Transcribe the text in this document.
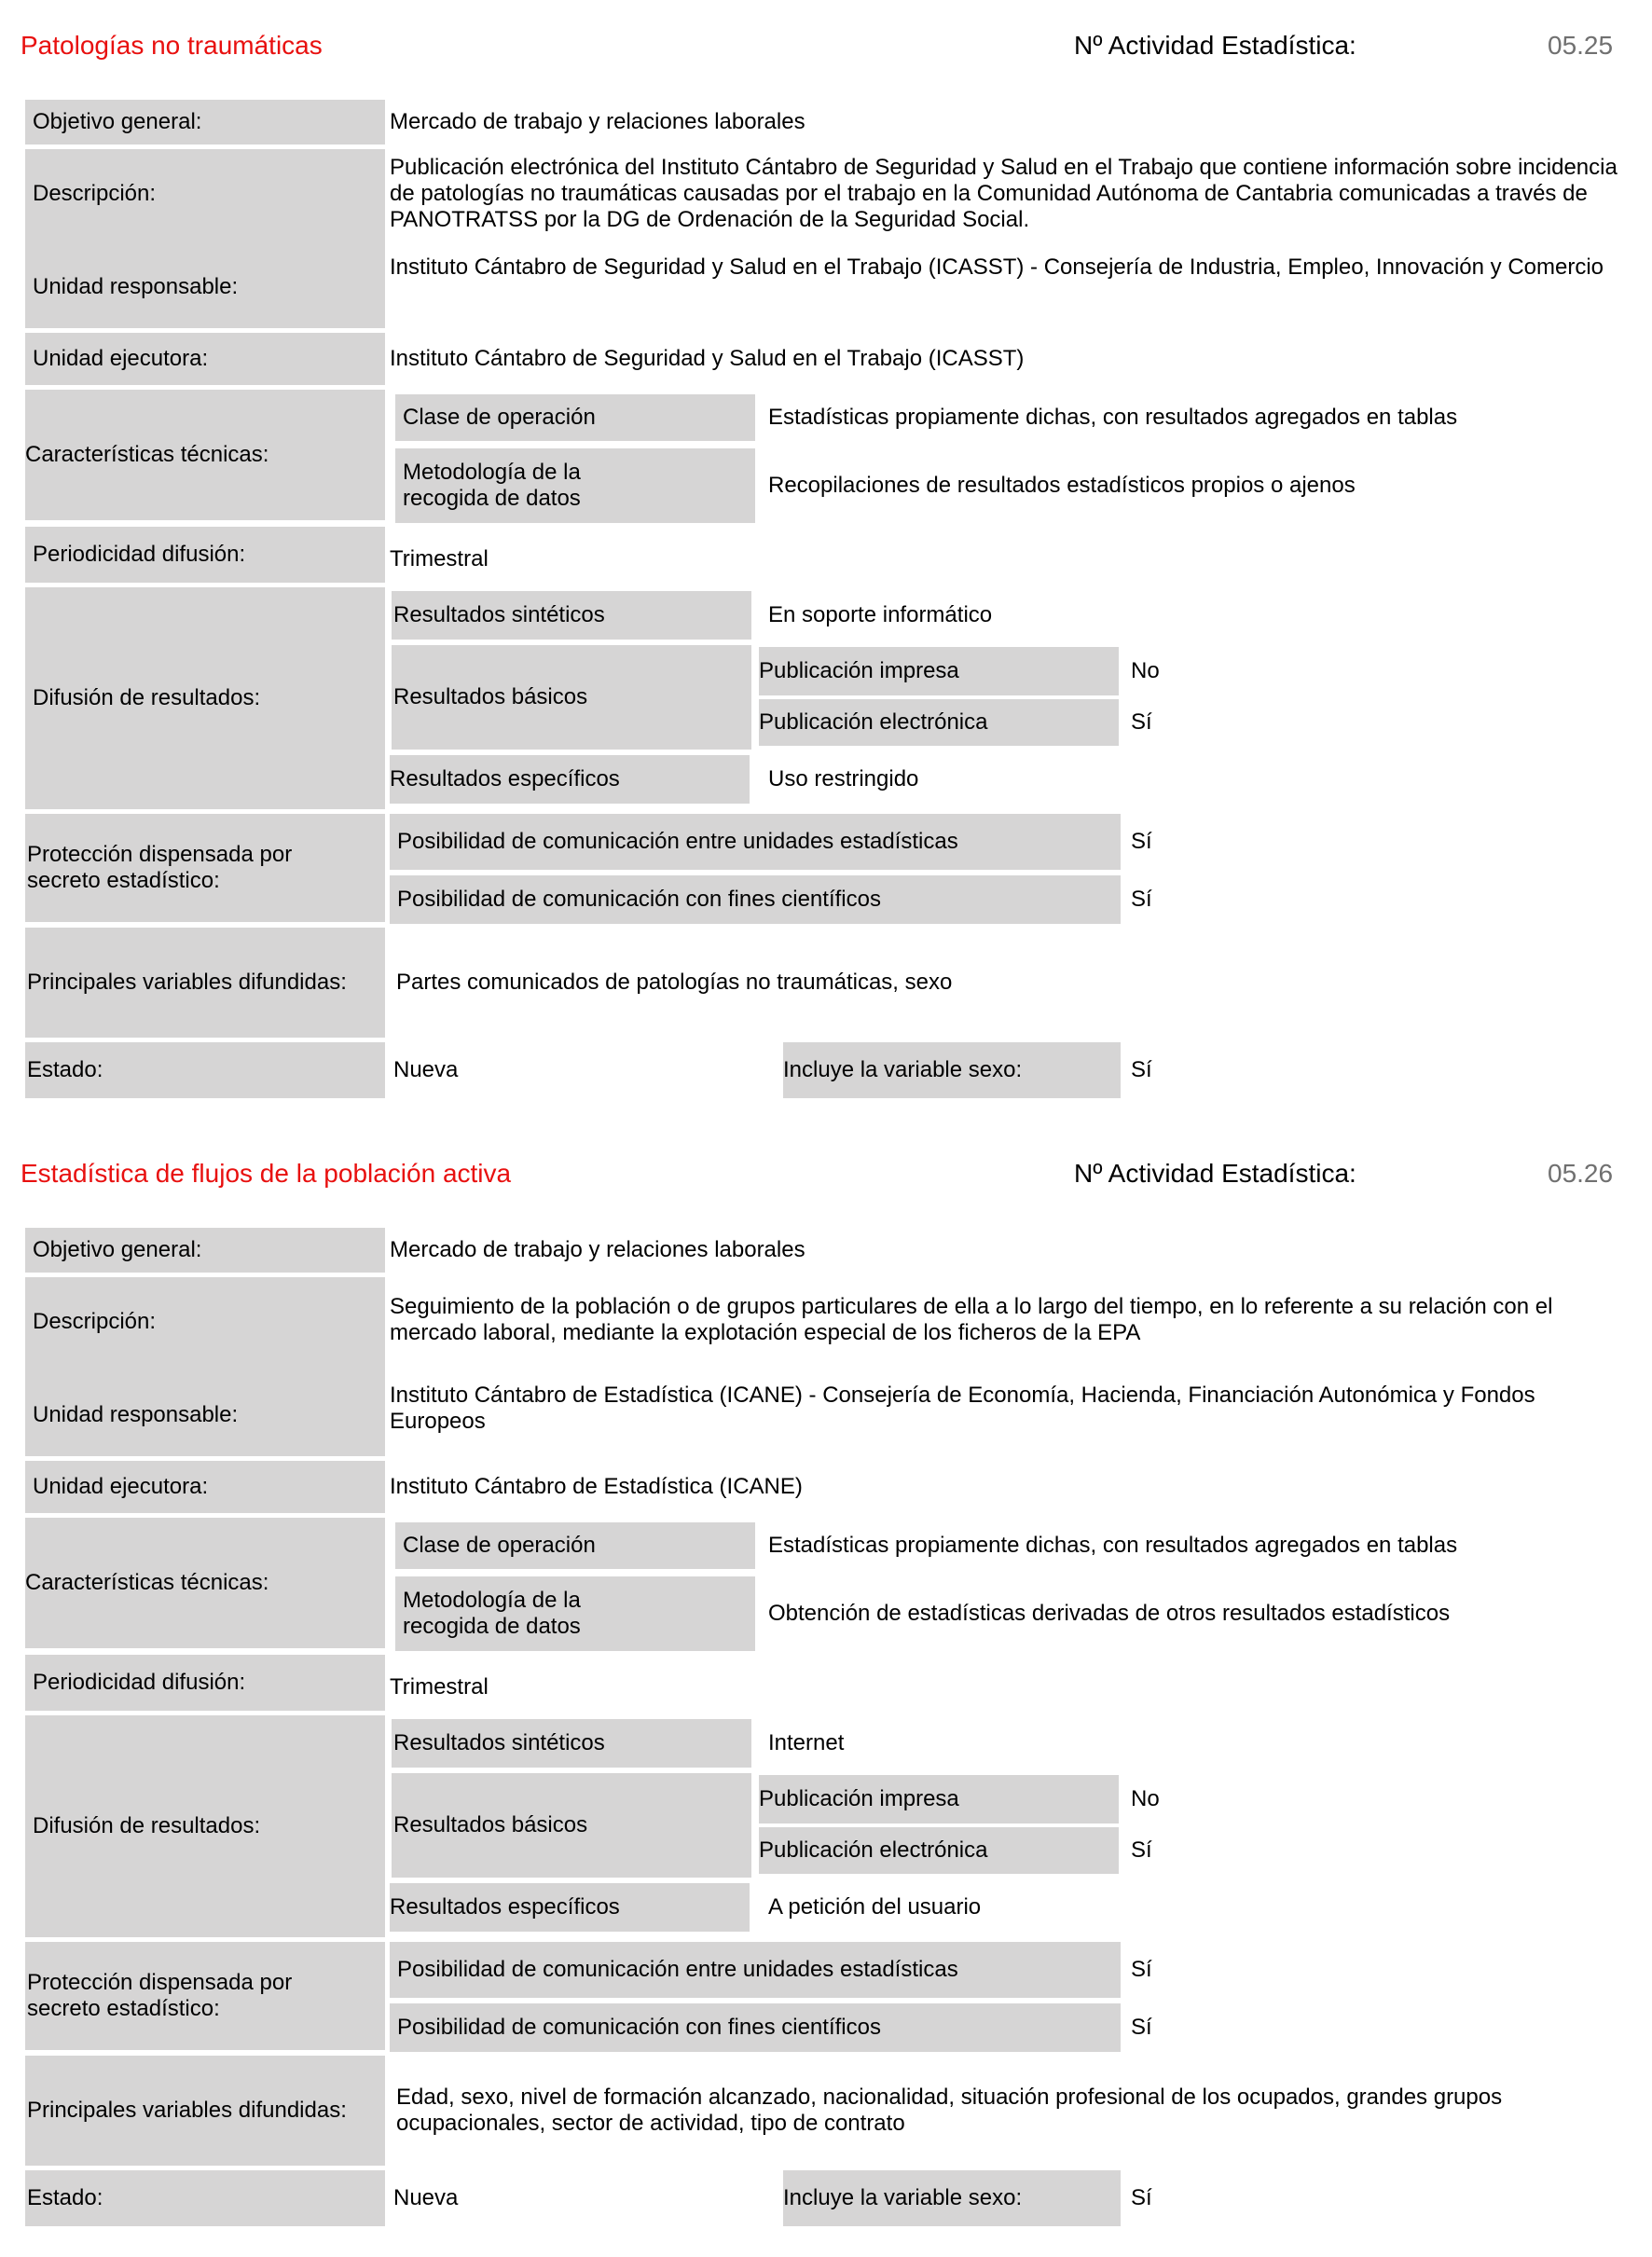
Patologías no traumáticas	Nº Actividad Estadística:	05.25
Objetivo general:	Mercado de trabajo y relaciones laborales
Descripción:
Publicación electrónica del Instituto Cántabro de Seguridad y Salud en el Trabajo que contiene información sobre incidencia de patologías no traumáticas causadas por el trabajo en la Comunidad Autónoma de Cantabria comunicadas a través de PANOTRATSS por la DG de Ordenación de la Seguridad Social.
Unidad responsable:
Instituto Cántabro de Seguridad y Salud en el Trabajo (ICASST) - Consejería de Industria, Empleo, Innovación y Comercio
Unidad ejecutora:	Instituto Cántabro de Seguridad y Salud en el Trabajo (ICASST)
Características técnicas:
Clase de operación	Estadísticas propiamente dichas, con resultados agregados en tablas
Metodología de la recogida de datos
Recopilaciones de resultados estadísticos propios o ajenos
Periodicidad difusión:	Trimestral
Difusión de resultados:
Resultados sintéticos	En soporte informático
Resultados básicos
Publicación impresa	No
Publicación electrónica	Sí
Resultados específicos	Uso restringido
Protección dispensada por secreto estadístico:
Posibilidad de comunicación entre unidades estadísticas	Sí
Posibilidad de comunicación con fines científicos	Sí
Principales variables difundidas:	Partes comunicados de patologías no traumáticas, sexo
Estado:	Nueva	Incluye la variable sexo:	Sí
Estadística de flujos de la población activa	Nº Actividad Estadística:	05.26
Objetivo general:	Mercado de trabajo y relaciones laborales
Descripción:
Seguimiento de la población o de grupos particulares de ella a lo largo del tiempo, en lo referente a su relación con el mercado laboral, mediante la explotación especial de los ficheros de la EPA
Unidad responsable:
Instituto Cántabro de Estadística (ICANE) - Consejería de Economía, Hacienda, Financiación Autonómica y Fondos Europeos
Unidad ejecutora:	Instituto Cántabro de Estadística (ICANE)
Características técnicas:
Clase de operación	Estadísticas propiamente dichas, con resultados agregados en tablas
Metodología de la recogida de datos
Obtención de estadísticas derivadas de otros resultados estadísticos
Periodicidad difusión:	Trimestral
Difusión de resultados:
Resultados sintéticos	Internet
Resultados básicos
Publicación impresa	No
Publicación electrónica	Sí
Resultados específicos	A petición del usuario
Protección dispensada por secreto estadístico:
Posibilidad de comunicación entre unidades estadísticas	Sí
Posibilidad de comunicación con fines científicos	Sí
Principales variables difundidas:
Edad, sexo, nivel de formación alcanzado, nacionalidad, situación profesional de los ocupados, grandes grupos ocupacionales, sector de actividad, tipo de contrato
Estado:	Nueva	Incluye la variable sexo:	Sí
